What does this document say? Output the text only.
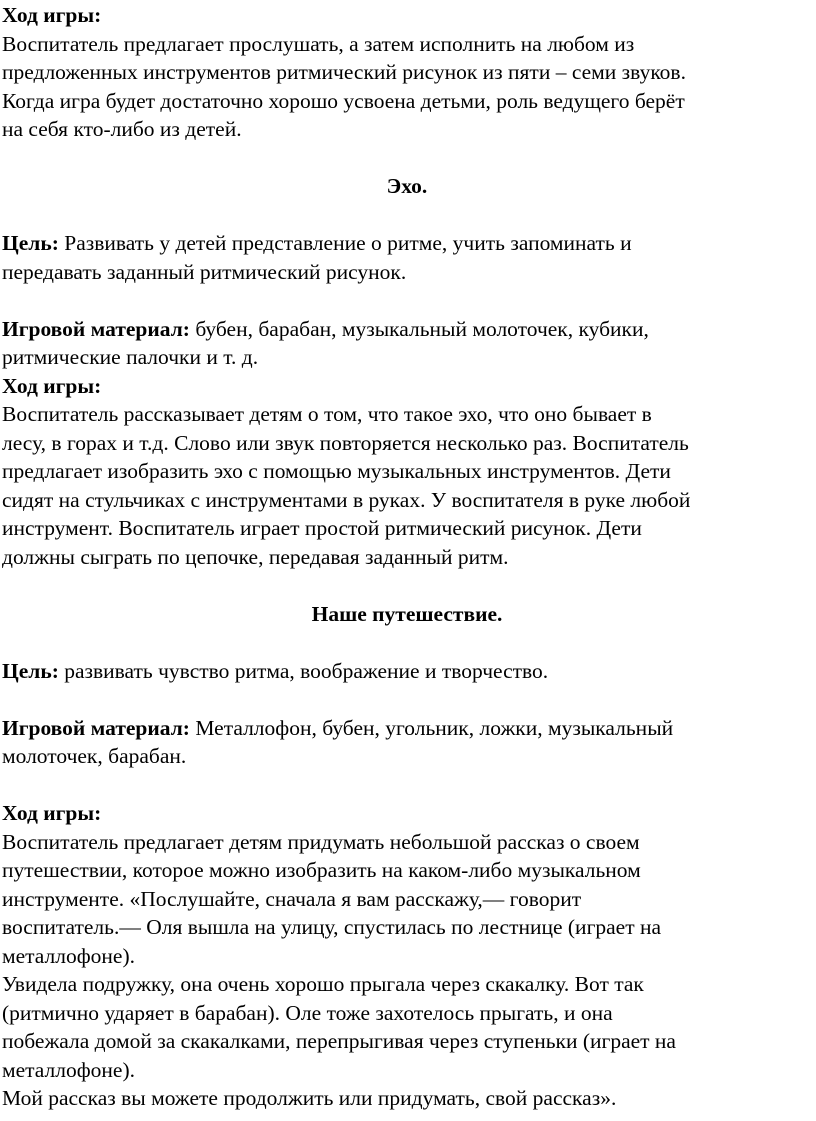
Ход игры:
Воспитатель предлагает прослушать, а затем исполнить на любом из
предложенных инструментов ритмический рисунок из пяти – семи звуков.
Когда игра будет достаточно хорошо усвоена детьми, роль ведущего берёт
на себя кто-либо из детей.
Эхо.
Цель: Развивать у детей представление о ритме, учить запоминать и
передавать заданный ритмический рисунок.
Игровой материал: бубен, барабан, музыкальный молоточек, кубики,
ритмические палочки и т. д.
Ход игры:
Воспитатель рассказывает детям о том, что такое эхо, что оно бывает в
лесу, в горах и т.д. Слово или звук повторяется несколько раз. Воспитатель
предлагает изобразить эхо с помощью музыкальных инструментов. Дети
сидят на стульчиках с инструментами в руках. У воспитателя в руке любой
инструмент. Воспитатель играет простой ритмический рисунок. Дети
должны сыграть по цепочке, передавая заданный ритм.
Наше путешествие.
Цель: развивать чувство ритма, воображение и творчество.
Игровой материал: Металлофон, бубен, угольник, ложки, музыкальный
молоточек, барабан.
Ход игры:
Воспитатель предлагает детям придумать небольшой рассказ о своем
путешествии, которое можно изобразить на каком-либо музыкальном
инструменте. «Послушайте, сначала я вам расскажу,— говорит
воспитатель.— Оля вышла на улицу, спустилась по лестнице (играет на
металлофоне).
Увидела подружку, она очень хорошо прыгала через скакалку. Вот так
(ритмично ударяет в барабан). Оле тоже захотелось прыгать, и она
побежала домой за скакалками, перепрыгивая через ступеньки (играет на
металлофоне).
Мой рассказ вы можете продолжить или придумать, свой рассказ».
